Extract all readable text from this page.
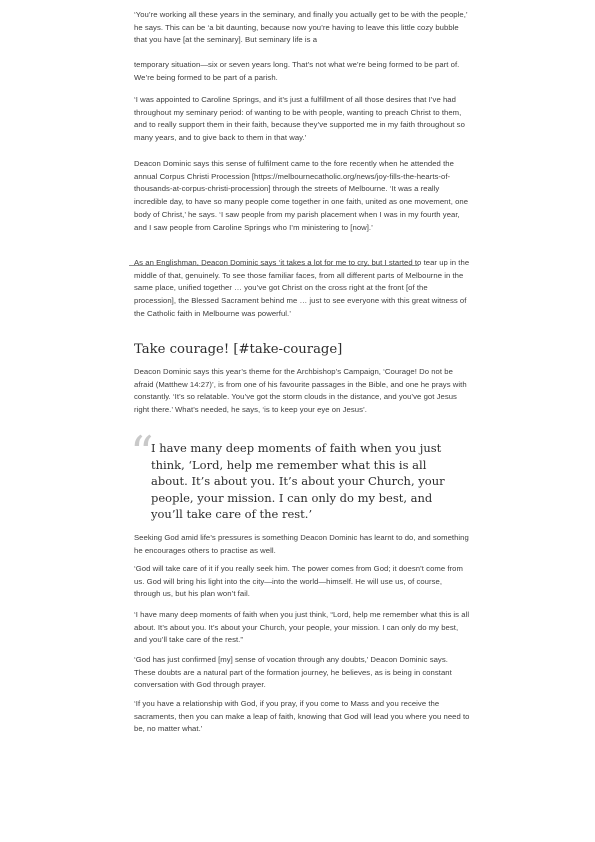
‘You’re working all these years in the seminary, and finally you actually get to be with the people,’ he says. This can be ‘a bit daunting, because now you’re having to leave this little cozy bubble that you have [at the seminary]. But seminary life is a

temporary situation—six or seven years long. That’s not what we’re being formed to be part of. We’re being formed to be part of a parish.

‘I was appointed to Caroline Springs, and it’s just a fulfillment of all those desires that I’ve had throughout my seminary period: of wanting to be with people, wanting to preach Christ to them, and to really support them in their faith, because they’ve supported me in my faith throughout so many years, and to give back to them in that way.’

Deacon Dominic says this sense of fulfilment came to the fore recently when he attended the annual Corpus Christi Procession [https://melbournecatholic.org/news/joy-fills-the-hearts-of-thousands-at-corpus-christi-procession] through the streets of Melbourne. ‘It was a really incredible day, to have so many people come together in one faith, united as one movement, one body of Christ,’ he says. ‘I saw people from my parish placement when I was in my fourth year, and I saw people from Caroline Springs who I’m ministering to [now].’

As an Englishman, Deacon Dominic says ‘it takes a lot for me to cry, but I started to tear up in the middle of that, genuinely. To see those familiar faces, from all different parts of Melbourne in the same place, unified together … you’ve got Christ on the cross right at the front [of the procession], the Blessed Sacrament behind me … just to see everyone with this great witness of the Catholic faith in Melbourne was powerful.’

Take courage! [#take-courage]

Deacon Dominic says this year’s theme for the Archbishop’s Campaign, ‘Courage! Do not be afraid (Matthew 14:27)’, is from one of his favourite passages in the Bible, and one he prays with constantly. ‘It’s so relatable. You’ve got the storm clouds in the distance, and you’ve got Jesus right there.’ What’s needed, he says, ‘is to keep your eye on Jesus’.

“

I have many deep moments of faith when you just think, ‘Lord, help me remember what this is all about. It’s about you. It’s about your Church, your people, your mission. I can only do my best, and you’ll take care of the rest.’

Seeking God amid life’s pressures is something Deacon Dominic has learnt to do, and something he encourages others to practise as well.

‘God will take care of it if you really seek him. The power comes from God; it doesn’t come from us. God will bring his light into the city—into the world—himself. He will use us, of course, through us, but his plan won’t fail.

‘I have many deep moments of faith when you just think, “Lord, help me remember what this is all about. It’s about you. It’s about your Church, your people, your mission. I can only do my best, and you’ll take care of the rest.”

‘God has just confirmed [my] sense of vocation through any doubts,’ Deacon Dominic says. These doubts are a natural part of the formation journey, he believes, as is being in constant conversation with God through prayer.

‘If you have a relationship with God, if you pray, if you come to Mass and you receive the sacraments, then you can make a leap of faith, knowing that God will lead you where you need to be, no matter what.’
